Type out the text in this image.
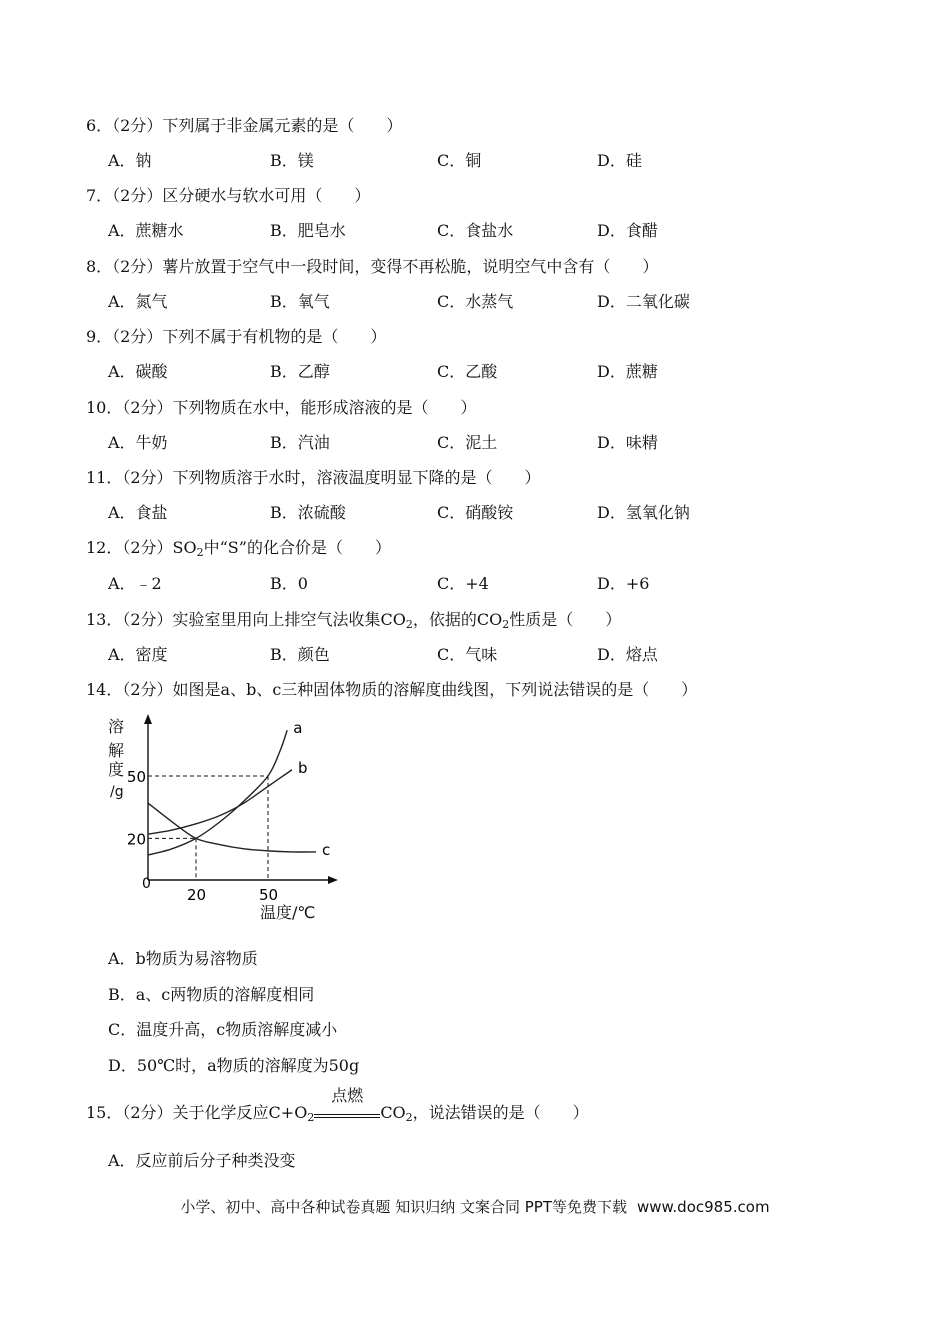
6．（2分）下列属于非金属元素的是（　　）
A．钠	B．镁	C．铜	D．硅
7．（2分）区分硬水与软水可用（　　）
A．蔗糖水	B．肥皂水	C．食盐水	D．食醋
8．（2分）薯片放置于空气中一段时间，变得不再松脆，说明空气中含有（　　）
A．氮气	B．氧气	C．水蒸气	D．二氧化碳
9．（2分）下列不属于有机物的是（　　）
A．碳酸	B．乙醇	C．乙酸	D．蔗糖
10．（2分）下列物质在水中，能形成溶液的是（　　）
A．牛奶	B．汽油	C．泥土	D．味精
11．（2分）下列物质溶于水时，溶液温度明显下降的是（　　）
A．食盐	B．浓硫酸	C．硝酸铵	D．氢氧化钠
12．（2分）$SO_2$中“S”的化合价是（　　）
A．﹣2	B．0	C．+4	D．+6
13．（2分）实验室里用向上排空气法收集$CO_2$，依据的$CO_2$性质是（　　）
A．密度	B．颜色	C．气味	D．熔点
14．（2分）如图是a、b、c三种固体物质的溶解度曲线图，下列说法错误的是（　　）
溶
解
度
/g
温度/℃
0
20	50
20
50
a
b
c
A．b物质为易溶物质
B．a、c两物质的溶解度相同
C．温度升高，c物质溶解度减小
D．50℃时，a物质的溶解度为50g
15．（2分）关于化学反应$C+O_2$
点燃
$CO_2$，说法错误的是（　　）
A．反应前后分子种类没变
小学、初中、高中各种试卷真题 知识归纳 文案合同 PPT等免费下载 www.doc985.com
